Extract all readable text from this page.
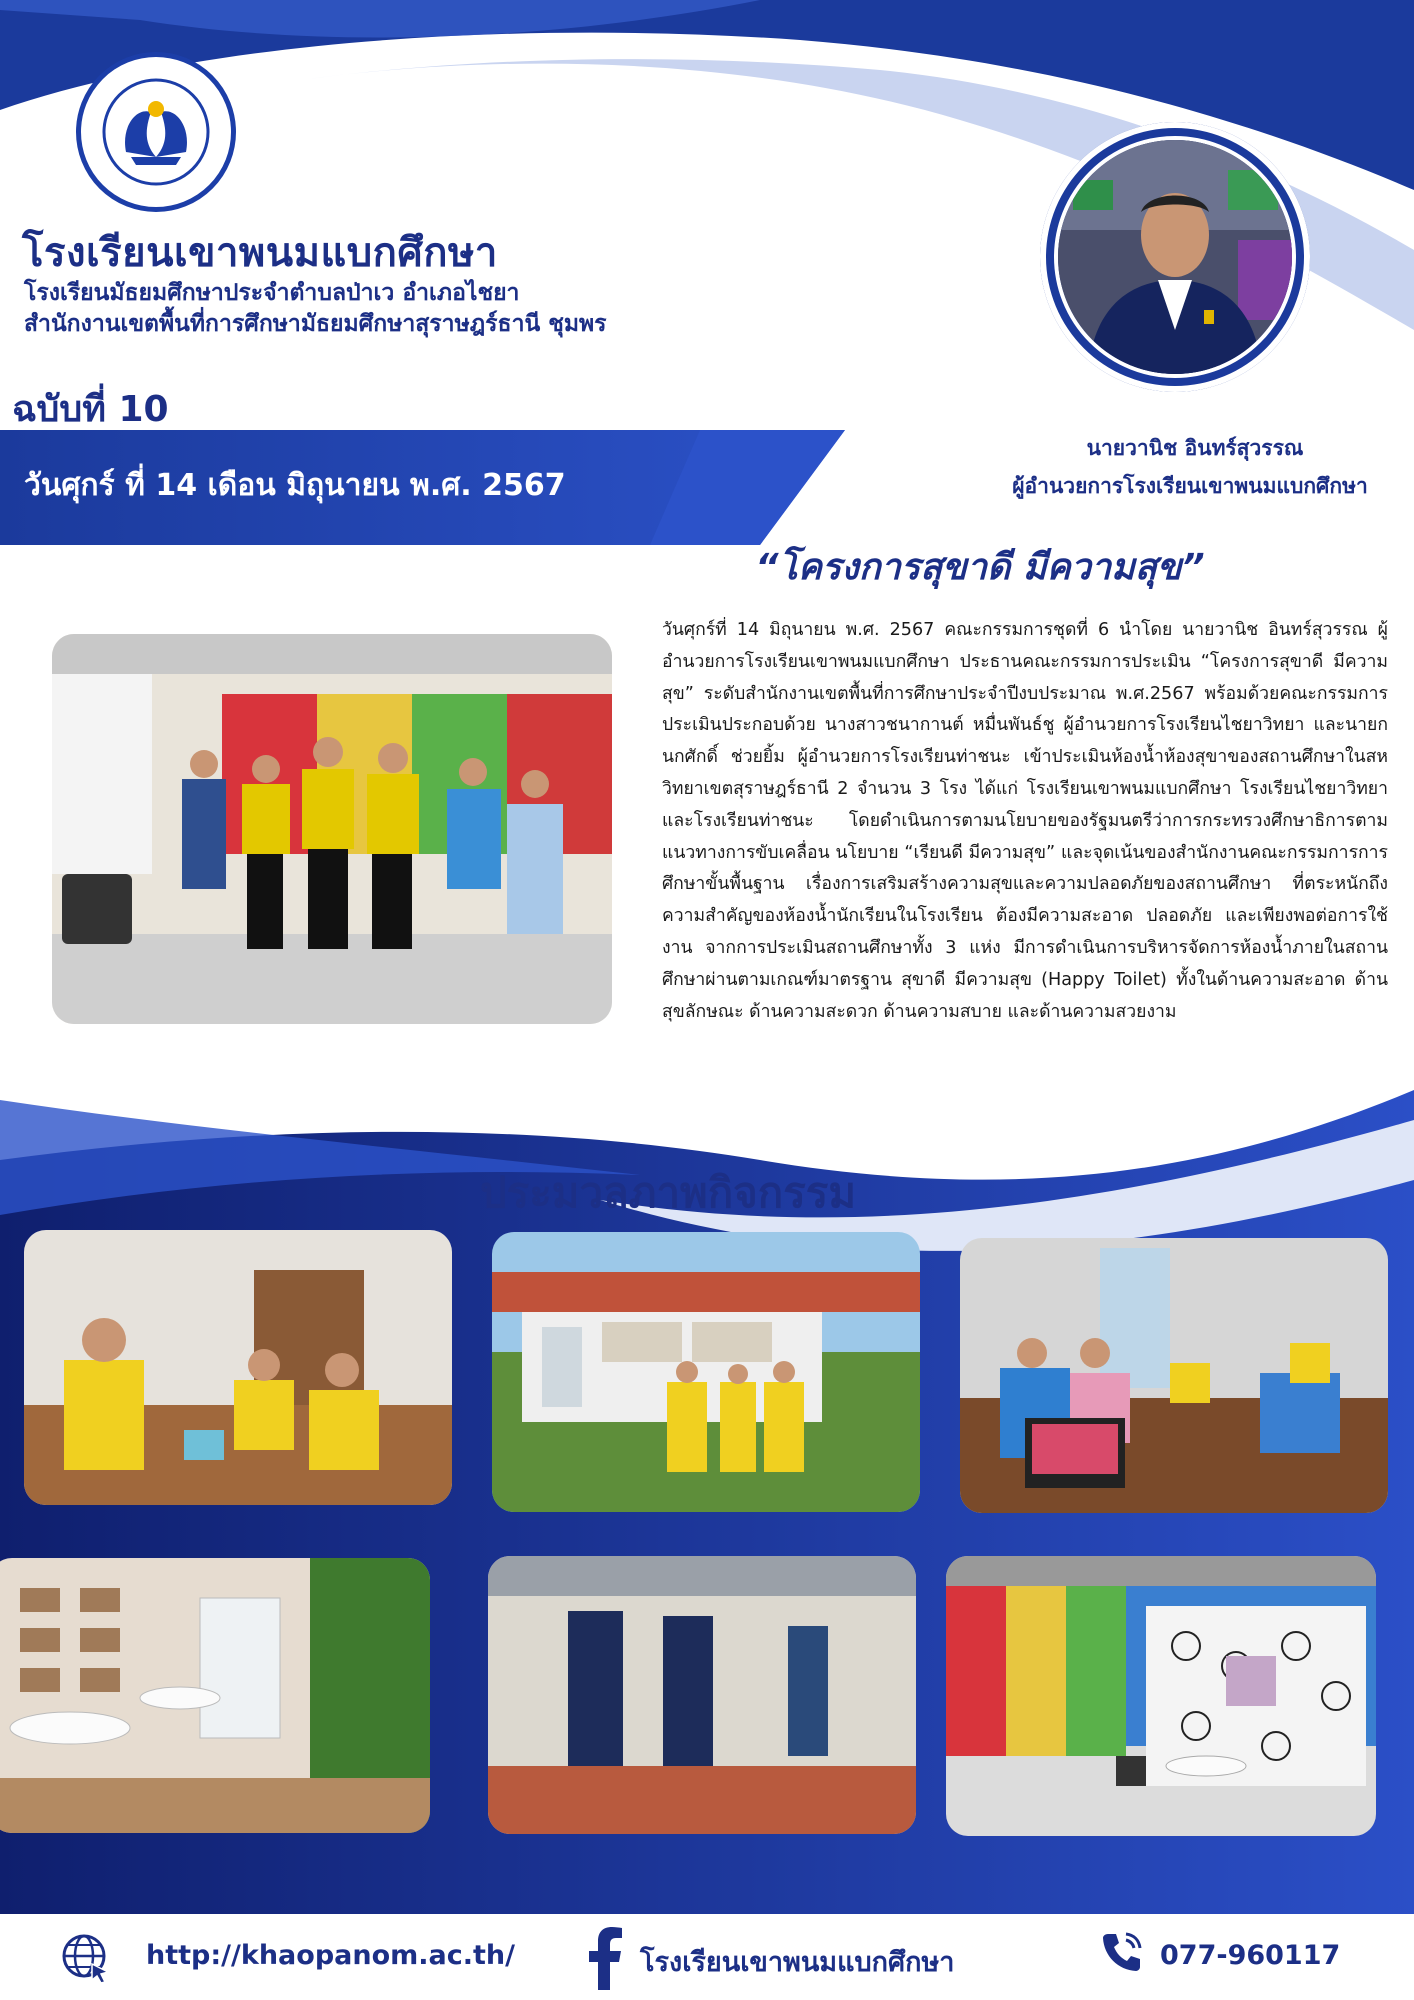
โรงเรียนเขาพนมแบกศึกษา
โรงเรียนมัธยมศึกษาประจำตำบลป่าเว อำเภอไชยา
สำนักงานเขตพื้นที่การศึกษามัธยมศึกษาสุราษฎร์ธานี ชุมพร
ฉบับที่ 10
วันศุกร์ ที่ 14 เดือน มิถุนายน พ.ศ. 2567
นายวานิช อินทร์สุวรรณ
ผู้อำนวยการโรงเรียนเขาพนมแบกศึกษา
“โครงการสุขาดี มีความสุข”
วันศุกร์ที่ 14 มิถุนายน พ.ศ. 2567 คณะกรรมการชุดที่ 6 นำโดย นายวานิช อินทร์สุวรรณ ผู้อำนวยการโรงเรียนเขาพนมแบกศึกษา ประธานคณะกรรมการประเมิน “โครงการสุขาดี มีความสุข” ระดับสำนักงานเขตพื้นที่การศึกษาประจำปีงบประมาณ พ.ศ.2567 พร้อมด้วยคณะกรรมการประเมินประกอบด้วย นางสาวชนากานต์ หมื่นพันธ์ชู ผู้อำนวยการโรงเรียนไชยาวิทยา และนายกนกศักดิ์ ช่วยยิ้ม ผู้อำนวยการโรงเรียนท่าชนะ เข้าประเมินห้องน้ำห้องสุขาของสถานศึกษาในสหวิทยาเขตสุราษฎร์ธานี 2 จำนวน 3 โรง ได้แก่ โรงเรียนเขาพนมแบกศึกษา โรงเรียนไชยาวิทยา และโรงเรียนท่าชนะ โดยดำเนินการตามนโยบายของรัฐมนตรีว่าการกระทรวงศึกษาธิการตามแนวทางการขับเคลื่อน นโยบาย “เรียนดี มีความสุข” และจุดเน้นของสำนักงานคณะกรรมการการศึกษาขั้นพื้นฐาน เรื่องการเสริมสร้างความสุขและความปลอดภัยของสถานศึกษา ที่ตระหนักถึงความสำคัญของห้องน้ำนักเรียนในโรงเรียน ต้องมีความสะอาด ปลอดภัย และเพียงพอต่อการใช้งาน จากการประเมินสถานศึกษาทั้ง 3 แห่ง มีการดำเนินการบริหารจัดการห้องน้ำภายในสถานศึกษาผ่านตามเกณฑ์มาตรฐาน สุขาดี มีความสุข (Happy Toilet) ทั้งในด้านความสะอาด ด้านสุขลักษณะ ด้านความสะดวก ด้านความสบาย และด้านความสวยงาม
ประมวลภาพกิจกรรม
http://khaopanom.ac.th/	โรงเรียนเขาพนมแบกศึกษา	077-960117
